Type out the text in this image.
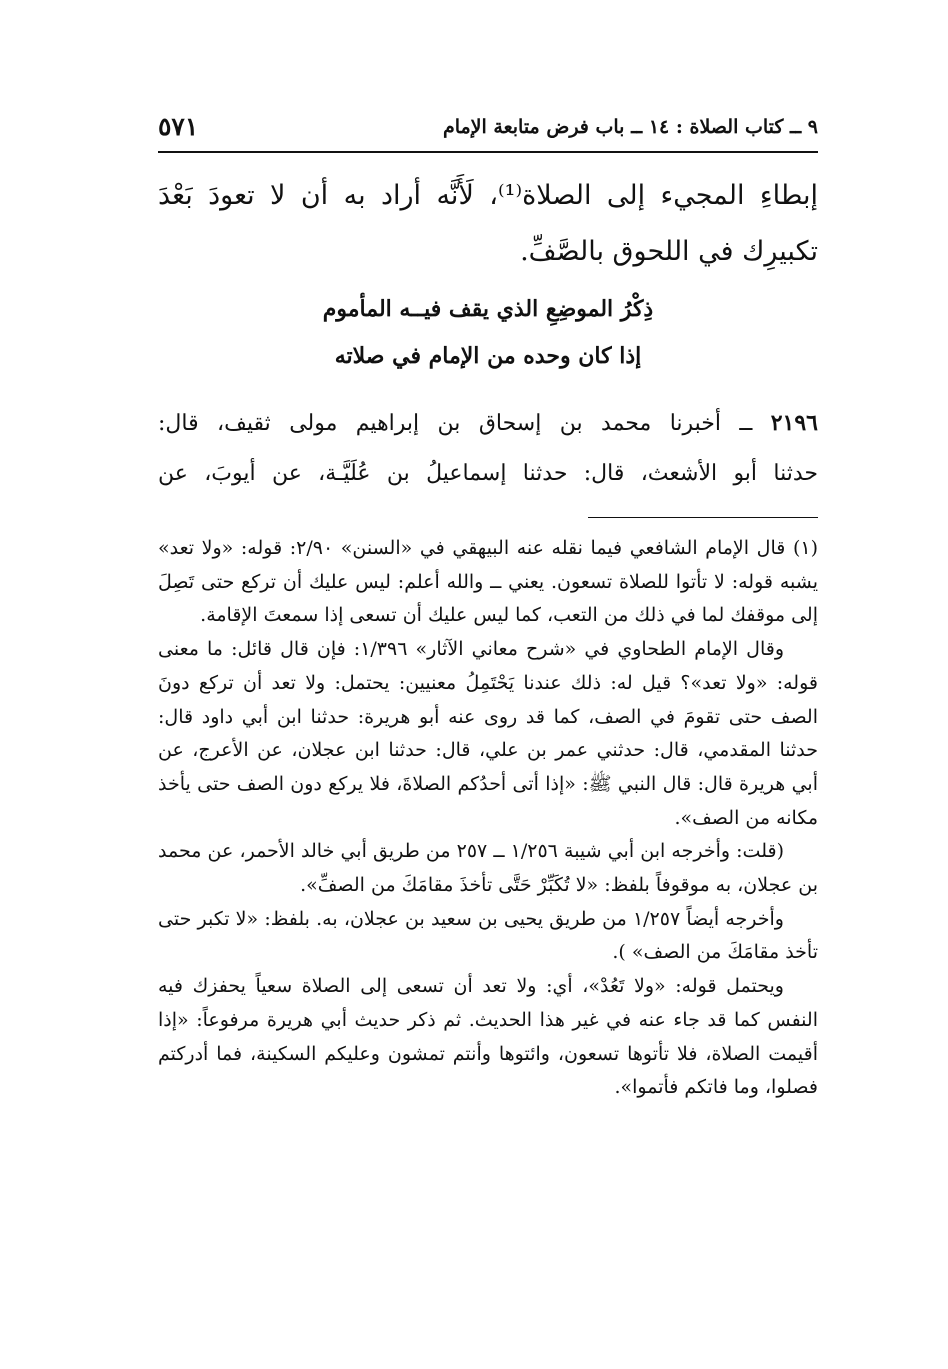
٩ ــ كتاب الصلاة : ١٤ ــ باب فرض متابعة الإمام
٥٧١

إبطاءِ المجيء إلى الصلاة⁽¹⁾، لَأَنَّه أراد به أن لا تعودَ بَعْدَ

تكبيرِك في اللحوق بالصَّفِّ.

ذِكْرُ الموضِعِ الذي يقف فيــه المأموم
إذا كان وحده من الإمام في صلاته
٢١٩٦ ــ أخبرنا محمد بن إسحاق بن إبراهيم مولى ثقيف، قال:
حدثنا أبو الأشعث، قال: حدثنا إسماعيلُ بن عُلَيَّـة، عن أيوبَ، عن

(١) قال الإمام الشافعي فيما نقله عنه البيهقي في «السنن» ٢/٩٠: قوله: «ولا تعد» يشبه قوله: لا تأتوا للصلاة تسعون. يعني ــ والله أعلم: ليس عليك أن تركع حتى تَصِلَ إلى موقفك لما في ذلك من التعب، كما ليس عليك أن تسعى إذا سمعتَ الإقامة.

وقال الإمام الطحاوي في «شرح معاني الآثار» ١/٣٩٦: فإن قال قائل: ما معنى قوله: «ولا تعد»؟ قيل له: ذلك عندنا يَحْتَمِلُ معنيين: يحتمل: ولا تعد أن تركع دونَ الصف حتى تقومَ في الصف، كما قد روى عنه أبو هريرة: حدثنا ابن أبي داود قال: حدثنا المقدمي، قال: حدثني عمر بن علي، قال: حدثنا ابن عجلان، عن الأعرج، عن أبي هريرة قال: قال النبي ﷺ: «إذا أتى أحدُكم الصلاةَ، فلا يركع دون الصف حتى يأخذ مكانه من الصف».

(قلت: وأخرجه ابن أبي شيبة ١/٢٥٦ ــ ٢٥٧ من طريق أبي خالد الأحمر، عن محمد بن عجلان، به موقوفاً بلفظ: «لا تُكَبِّرْ حَتَّى تأخذَ مقامَكَ من الصفِّ».

وأخرجه أيضاً ١/٢٥٧ من طريق يحيى بن سعيد بن عجلان، به. بلفظ: «لا تكبر حتى تأخذ مقامَكَ من الصف» ).

ويحتمل قوله: «ولا تَعُدْ»، أي: ولا تعد أن تسعى إلى الصلاة سعياً يحفزك فيه النفس كما قد جاء عنه في غير هذا الحديث. ثم ذكر حديث أبي هريرة مرفوعاً: «إذا أقيمت الصلاة، فلا تأتوها تسعون، وائتوها وأنتم تمشون وعليكم السكينة، فما أدركتم فصلوا، وما فاتكم فأتموا».
